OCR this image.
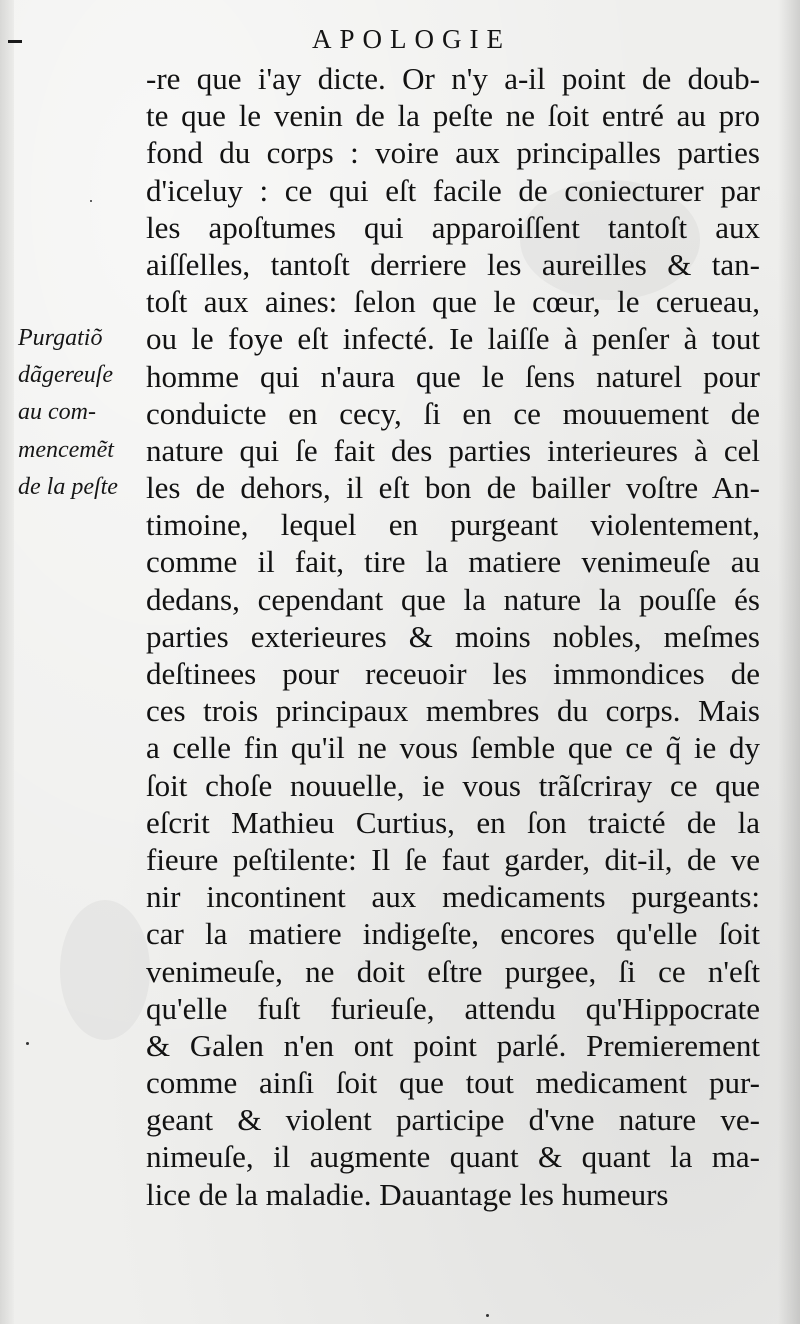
APOLOGIE
Purgatiõ
dãgereuſe
au com-
mencemẽt
de la peſte
-re que i'ay dicte. Or n'y a-il point de doub-
te que le venin de la peſte ne ſoit entré au pro
fond du corps : voire aux principalles parties
d'iceluy : ce qui eſt facile de coniecturer par
les apoſtumes qui apparoiſſent tantoſt aux
aiſſelles, tantoſt derriere les aureilles & tan-
toſt aux aines: ſelon que le cœur, le cerueau,
ou le foye eſt infecté. Ie laiſſe à penſer à tout
homme qui n'aura que le ſens naturel pour
conduicte en cecy, ſi en ce mouuement de
nature qui ſe fait des parties interieures à cel
les de dehors, il eſt bon de bailler voſtre An-
timoine, lequel en purgeant violentement,
comme il fait, tire la matiere venimeuſe au
dedans, cependant que la nature la pouſſe és
parties exterieures & moins nobles, meſmes
deſtinees pour receuoir les immondices de
ces trois principaux membres du corps. Mais
a celle fin qu'il ne vous ſemble que ce q̃ ie dy
ſoit choſe nouuelle, ie vous trãſcriray ce que
eſcrit Mathieu Curtius, en ſon traicté de la
fieure peſtilente: Il ſe faut garder, dit-il, de ve
nir incontinent aux medicaments purgeants:
car la matiere indigeſte, encores qu'elle ſoit
venimeuſe, ne doit eſtre purgee, ſi ce n'eſt
qu'elle fuſt furieuſe, attendu qu'Hippocrate
& Galen n'en ont point parlé. Premierement
comme ainſi ſoit que tout medicament pur-
geant & violent participe d'vne nature ve-
nimeuſe, il augmente quant & quant la ma-
lice de la maladie. Dauantage les humeurs
